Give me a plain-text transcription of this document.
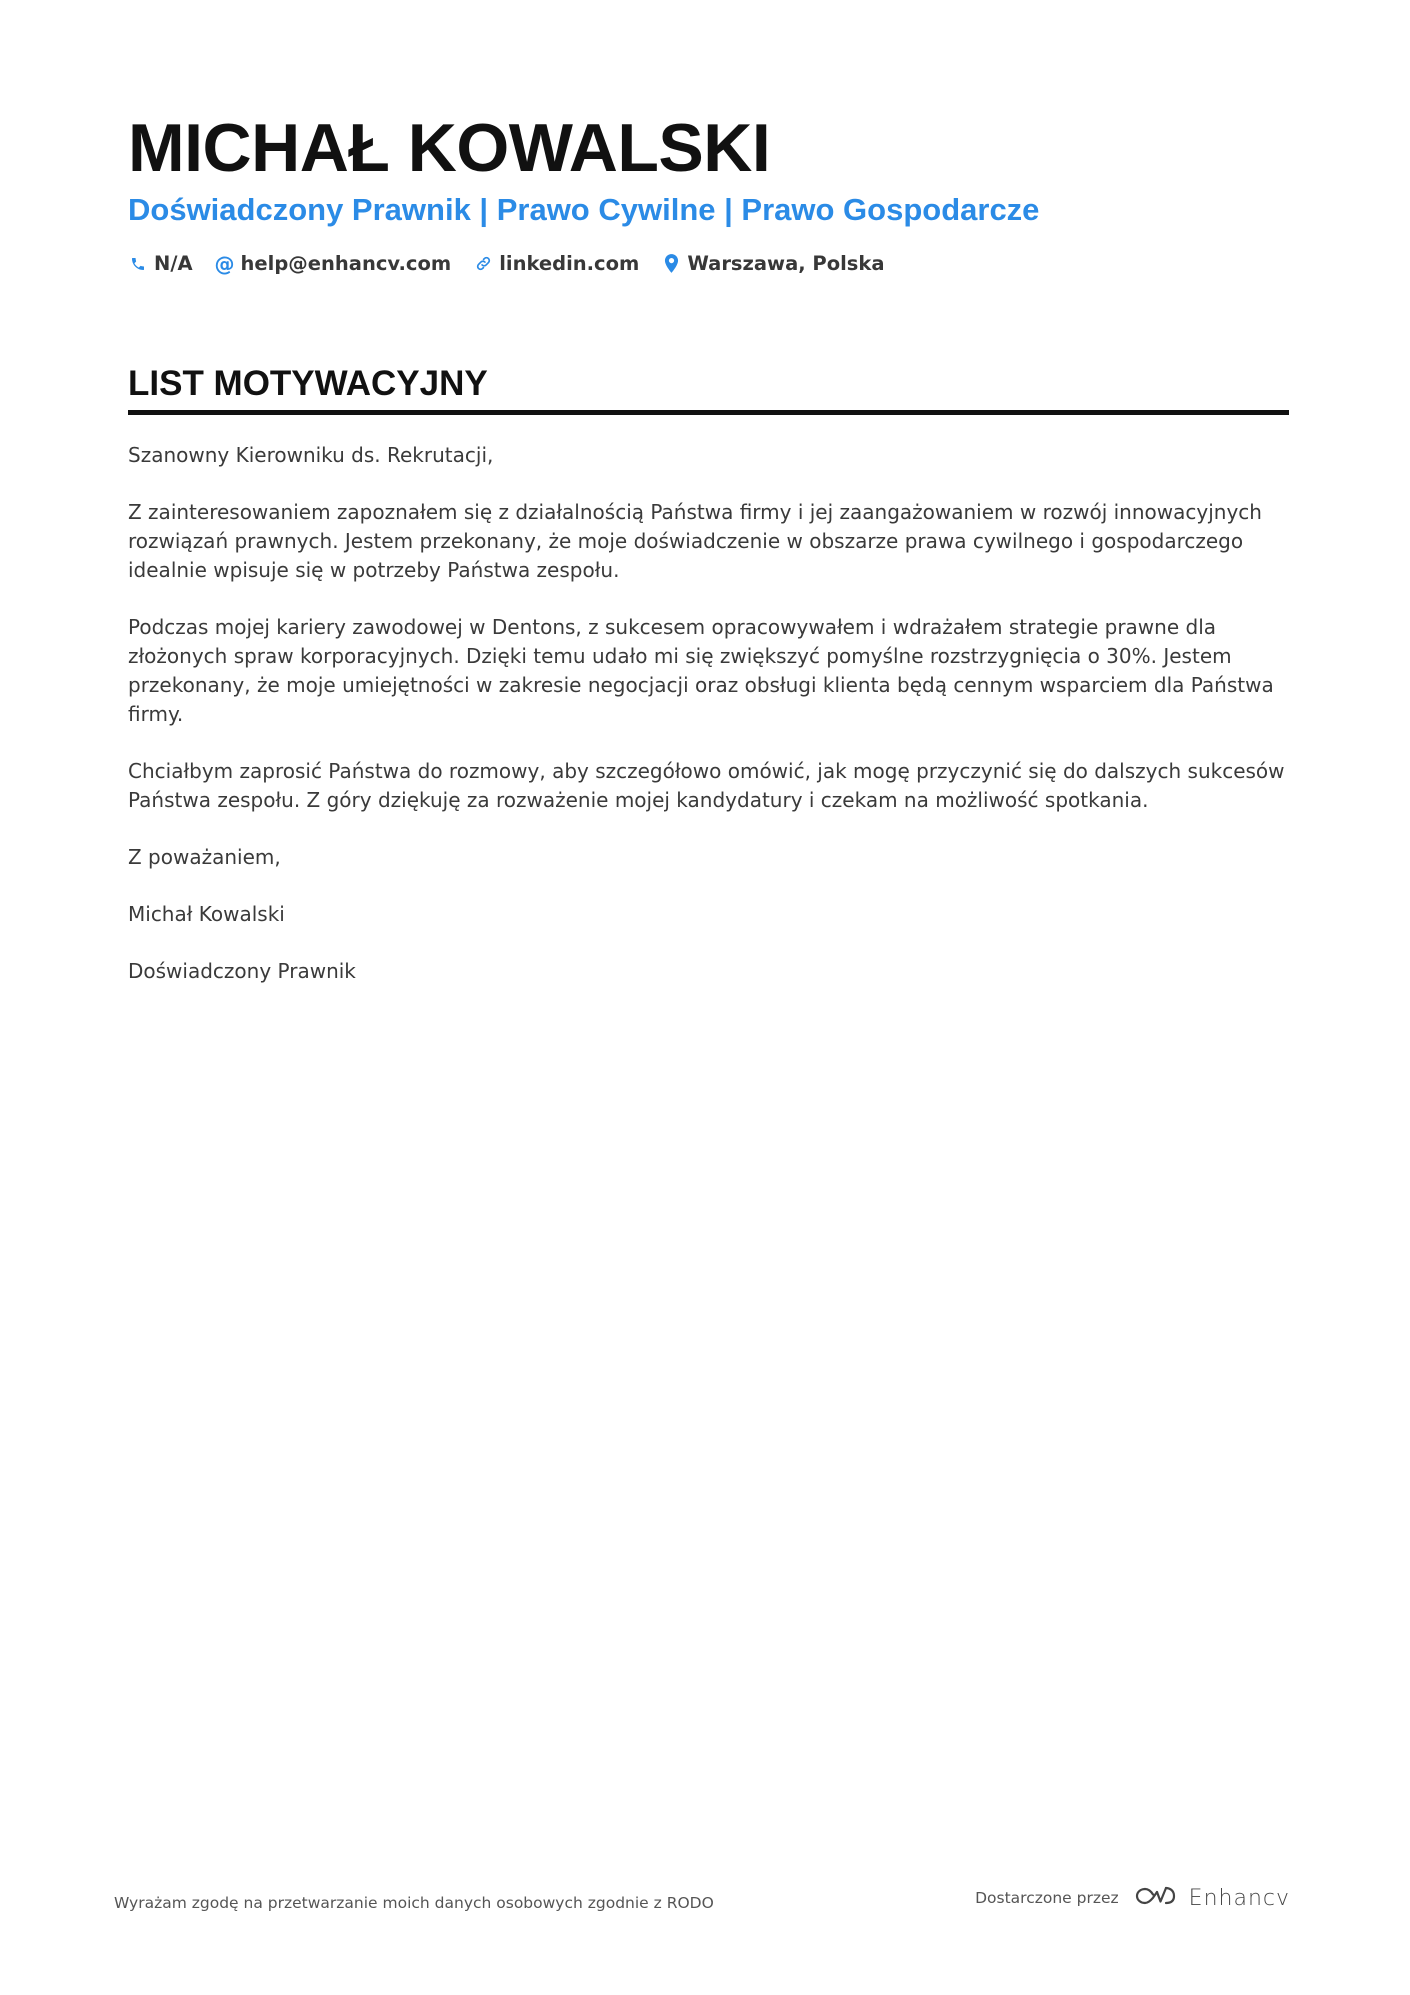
MICHAŁ KOWALSKI
Doświadczony Prawnik | Prawo Cywilne | Prawo Gospodarcze
N/A @ help@enhancv.com linkedin.com Warszawa, Polska
LIST MOTYWACYJNY

Szanowny Kierowniku ds. Rekrutacji,

Z zainteresowaniem zapoznałem się z działalnością Państwa firmy i jej zaangażowaniem w rozwój innowacyjnych rozwiązań prawnych. Jestem przekonany, że moje doświadczenie w obszarze prawa cywilnego i gospodarczego idealnie wpisuje się w potrzeby Państwa zespołu.

Podczas mojej kariery zawodowej w Dentons, z sukcesem opracowywałem i wdrażałem strategie prawne dla złożonych spraw korporacyjnych. Dzięki temu udało mi się zwiększyć pomyślne rozstrzygnięcia o 30%. Jestem przekonany, że moje umiejętności w zakresie negocjacji oraz obsługi klienta będą cennym wsparciem dla Państwa firmy.

Chciałbym zaprosić Państwa do rozmowy, aby szczegółowo omówić, jak mogę przyczynić się do dalszych sukcesów Państwa zespołu. Z góry dziękuję za rozważenie mojej kandydatury i czekam na możliwość spotkania.

Z poważaniem,

Michał Kowalski

Doświadczony Prawnik

Wyrażam zgodę na przetwarzanie moich danych osobowych zgodnie z RODO	Dostarczone przez	Enhancv
